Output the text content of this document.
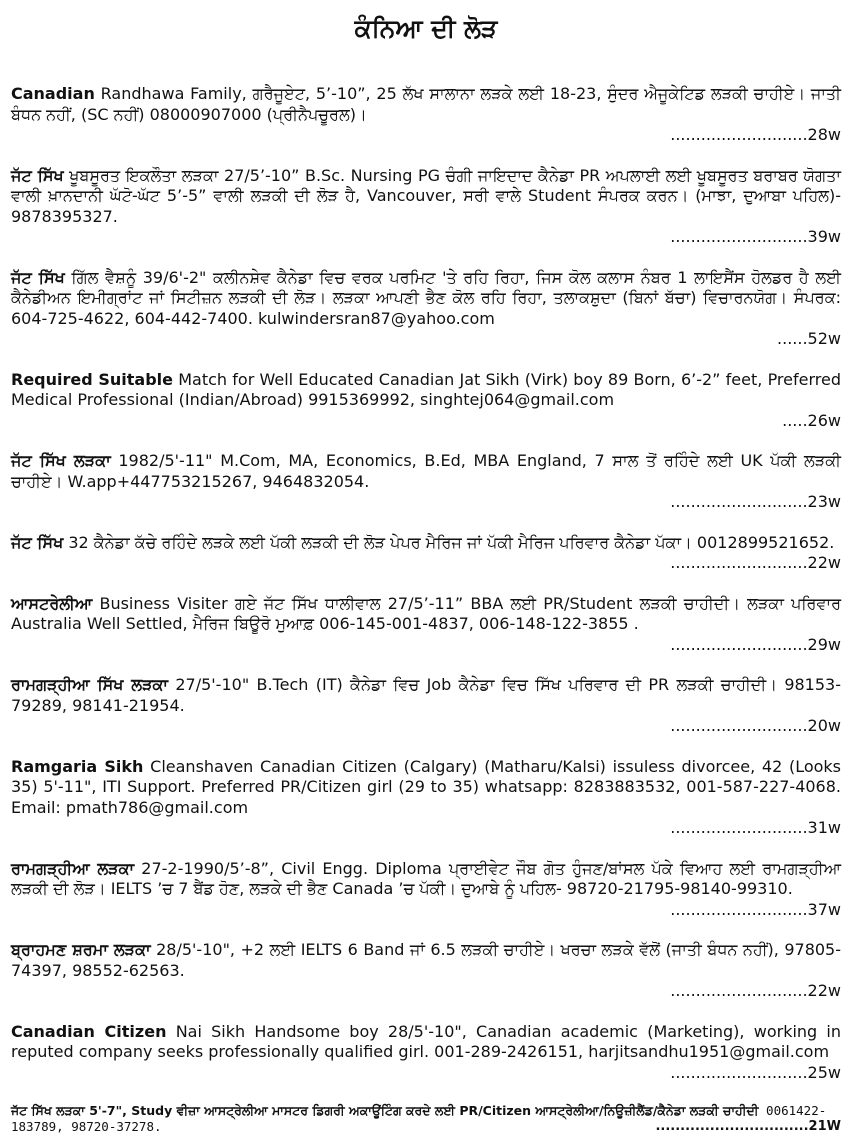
ਕੰਨਿਆ ਦੀ ਲੋੜ
Canadian Randhawa Family, ਗਰੈਜੂਏਟ, 5’-10”, 25 ਲੱਖ ਸਾਲਾਨਾ ਲੜਕੇ ਲਈ 18-23, ਸੁੰਦਰ ਐਜੂਕੇਟਿਡ ਲੜਕੀ ਚਾਹੀਏ। ਜਾਤੀ ਬੰਧਨ ਨਹੀਂ, (SC ਨਹੀਂ) 08000907000 (ਪ੍ਰੀਨੈਪਚੂਰਲ)।
...........................28w
ਜੱਟ ਸਿੱਖ ਖੂਬਸੂਰਤ ਇਕਲੌਤਾ ਲੜਕਾ 27/5’-10” B.Sc. Nursing PG ਚੰਗੀ ਜਾਇਦਾਦ ਕੈਨੇਡਾ PR ਅਪਲਾਈ ਲਈ ਖੂਬਸੂਰਤ ਬਰਾਬਰ ਯੋਗਤਾ ਵਾਲੀ ਖ਼ਾਨਦਾਨੀ ਘੱਟੋ-ਘੱਟ 5’-5” ਵਾਲੀ ਲੜਕੀ ਦੀ ਲੋੜ ਹੈ, Vancouver, ਸਰੀ ਵਾਲੇ Student ਸੰਪਰਕ ਕਰਨ। (ਮਾਝਾ, ਦੁਆਬਾ ਪਹਿਲ)- 9878395327.
...........................39w
ਜੱਟ ਸਿੱਖ ਗਿੱਲ ਵੈਸ਼ਨੂੰ 39/6'-2" ਕਲੀਨਸ਼ੇਵ ਕੈਨੇਡਾ ਵਿਚ ਵਰਕ ਪਰਮਿਟ 'ਤੇ ਰਹਿ ਰਿਹਾ, ਜਿਸ ਕੋਲ ਕਲਾਸ ਨੰਬਰ 1 ਲਾਇਸੈਂਸ ਹੋਲਡਰ ਹੈ ਲਈ ਕੈਨੇਡੀਅਨ ਇਮੀਗ੍ਰਾਂਟ ਜਾਂ ਸਿਟੀਜ਼ਨ ਲੜਕੀ ਦੀ ਲੋੜ। ਲੜਕਾ ਆਪਣੀ ਭੈਣ ਕੋਲ ਰਹਿ ਰਿਹਾ, ਤਲਾਕਸ਼ੁਦਾ (ਬਿਨਾਂ ਬੱਚਾ) ਵਿਚਾਰਨਯੋਗ। ਸੰਪਰਕ: 604-725-4622, 604-442-7400. kulwindersran87@yahoo.com
......52w
Required Suitable Match for Well Educated Canadian Jat Sikh (Virk) boy 89 Born, 6’-2” feet, Preferred Medical Professional (Indian/Abroad) 9915369992, singhtej064@gmail.com
.....26w
ਜੱਟ ਸਿੱਖ ਲੜਕਾ 1982/5'-11" M.Com, MA, Economics, B.Ed, MBA England, 7 ਸਾਲ ਤੋਂ ਰਹਿੰਦੇ ਲਈ UK ਪੱਕੀ ਲੜਕੀ ਚਾਹੀਏ। W.app+447753215267, 9464832054.
...........................23w
ਜੱਟ ਸਿੱਖ 32 ਕੈਨੇਡਾ ਕੱਚੇ ਰਹਿੰਦੇ ਲੜਕੇ ਲਈ ਪੱਕੀ ਲੜਕੀ ਦੀ ਲੋੜ ਪੇਪਰ ਮੈਰਿਜ ਜਾਂ ਪੱਕੀ ਮੈਰਿਜ ਪਰਿਵਾਰ ਕੈਨੇਡਾ ਪੱਕਾ। 0012899521652.
...........................22w
ਆਸਟਰੇਲੀਆ Business Visiter ਗਏ ਜੱਟ ਸਿੱਖ ਧਾਲੀਵਾਲ 27/5’-11” BBA ਲਈ PR/Student ਲੜਕੀ ਚਾਹੀਦੀ। ਲੜਕਾ ਪਰਿਵਾਰ Australia Well Settled, ਮੈਰਿਜ ਬਿਊਰੋ ਮੁਆਫ਼ 006-145-001-4837, 006-148-122-3855 .
...........................29w
ਰਾਮਗੜ੍ਹੀਆ ਸਿੱਖ ਲੜਕਾ 27/5'-10" B.Tech (IT) ਕੈਨੇਡਾ ਵਿਚ Job ਕੈਨੇਡਾ ਵਿਚ ਸਿੱਖ ਪਰਿਵਾਰ ਦੀ PR ਲੜਕੀ ਚਾਹੀਦੀ। 98153-79289, 98141-21954.
...........................20w
Ramgaria Sikh Cleanshaven Canadian Citizen (Calgary) (Matharu/Kalsi) issuless divorcee, 42 (Looks 35) 5'-11", ITI Support. Preferred PR/Citizen girl (29 to 35) whatsapp: 8283883532, 001-587-227-4068. Email: pmath786@gmail.com
...........................31w
ਰਾਮਗੜ੍ਹੀਆ ਲੜਕਾ 27-2-1990/5’-8”, Civil Engg. Diploma ਪ੍ਰਾਈਵੇਟ ਜੌਬ ਗੋਤ ਹੁੰਜਣ/ਬਾਂਸਲ ਪੱਕੇ ਵਿਆਹ ਲਈ ਰਾਮਗੜ੍ਹੀਆ ਲੜਕੀ ਦੀ ਲੋੜ। IELTS ’ਚ 7 ਬੈਂਡ ਹੋਣ, ਲੜਕੇ ਦੀ ਭੈਣ Canada ’ਚ ਪੱਕੀ। ਦੁਆਬੇ ਨੂੰ ਪਹਿਲ- 98720-21795-98140-99310.
...........................37w
ਬ੍ਰਾਹਮਣ ਸ਼ਰਮਾ ਲੜਕਾ 28/5'-10", +2 ਲਈ IELTS 6 Band ਜਾਂ 6.5 ਲੜਕੀ ਚਾਹੀਏ। ਖਰਚਾ ਲੜਕੇ ਵੱਲੋਂ (ਜਾਤੀ ਬੰਧਨ ਨਹੀਂ), 97805-74397, 98552-62563.
...........................22w
Canadian Citizen Nai Sikh Handsome boy 28/5'-10", Canadian academic (Marketing), working in reputed company seeks professionally qualified girl. 001-289-2426151, harjitsandhu1951@gmail.com
...........................25w
ਜੱਟ ਸਿੱਖ ਲੜਕਾ 5'-7", Study ਵੀਜ਼ਾ ਆਸਟ੍ਰੇਲੀਆ ਮਾਸਟਰ ਡਿਗਰੀ ਅਕਾਊਂਟਿੰਗ ਕਰਦੇ ਲਈ PR/Citizen ਆਸਟ੍ਰੇਲੀਆ/ਨਿਊਜ਼ੀਲੈਂਡ/ਕੈਨੇਡਾ ਲੜਕੀ ਚਾਹੀਦੀ 0061422-183789, 98720-37278.	...............................21W
